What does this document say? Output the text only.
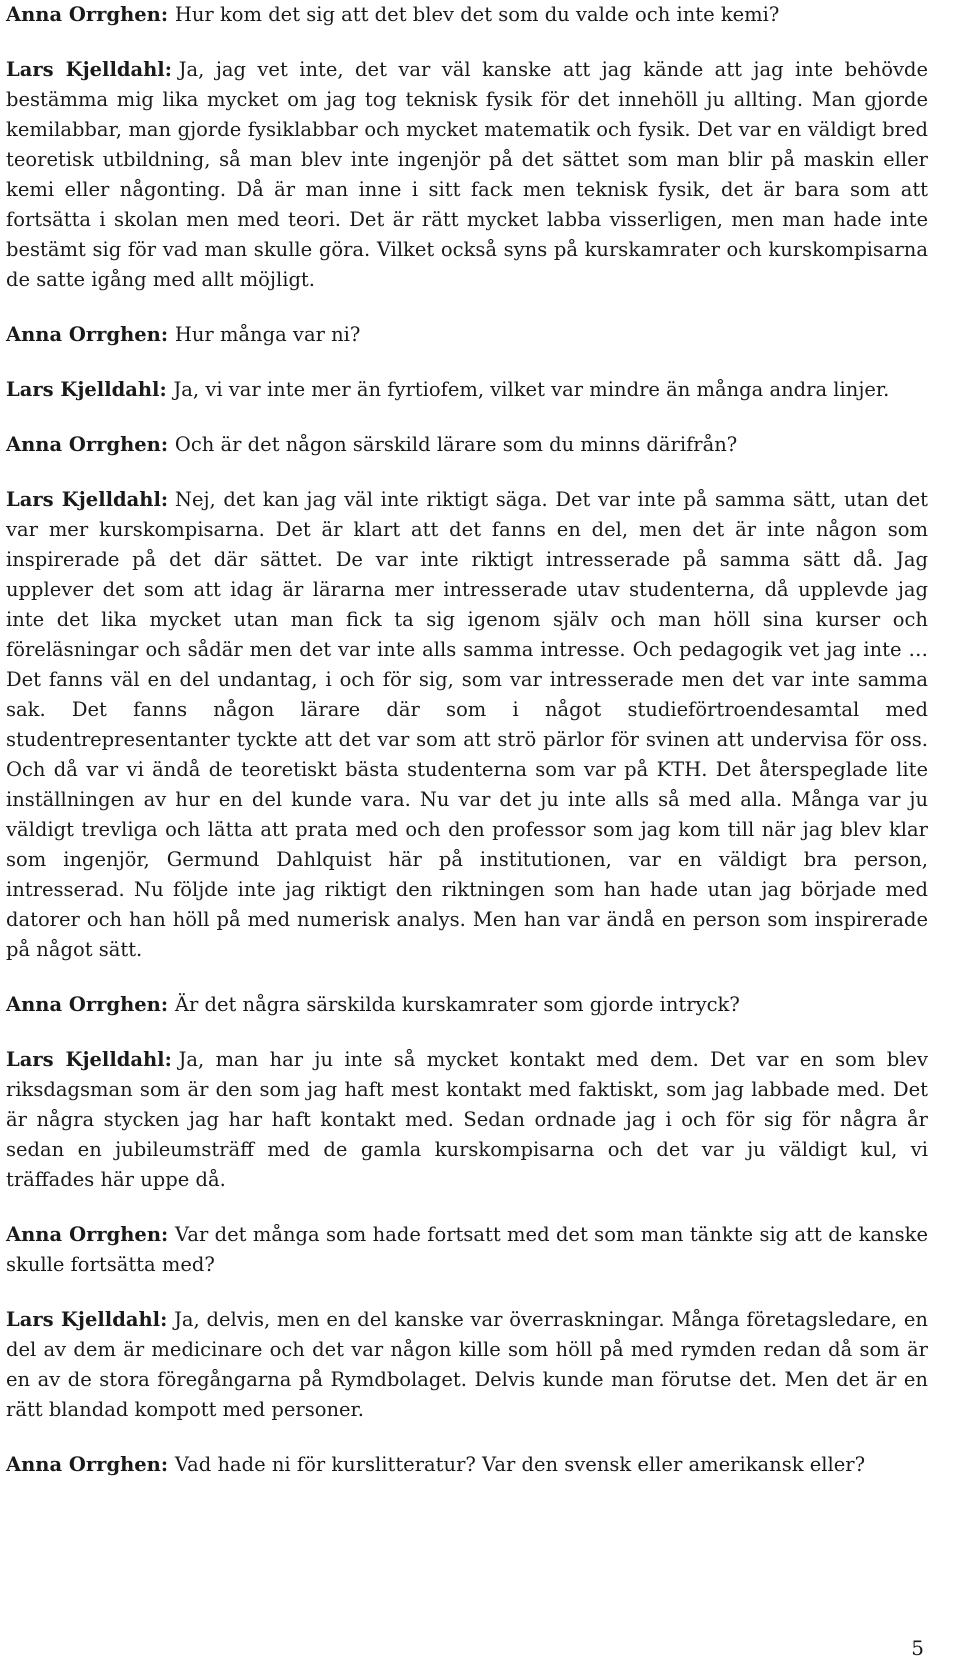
Anna Orrghen: Hur kom det sig att det blev det som du valde och inte kemi?

Lars Kjelldahl: Ja, jag vet inte, det var väl kanske att jag kände att jag inte behövde bestämma mig lika mycket om jag tog teknisk fysik för det innehöll ju allting. Man gjorde kemilabbar, man gjorde fysiklabbar och mycket matematik och fysik. Det var en väldigt bred teoretisk utbildning, så man blev inte ingenjör på det sättet som man blir på maskin eller kemi eller någonting. Då är man inne i sitt fack men teknisk fysik, det är bara som att fortsätta i skolan men med teori. Det är rätt mycket labba visserligen, men man hade inte bestämt sig för vad man skulle göra. Vilket också syns på kurskamrater och kurskompisarna de satte igång med allt möjligt.

Anna Orrghen: Hur många var ni?

Lars Kjelldahl: Ja, vi var inte mer än fyrtiofem, vilket var mindre än många andra linjer.

Anna Orrghen: Och är det någon särskild lärare som du minns därifrån?

Lars Kjelldahl: Nej, det kan jag väl inte riktigt säga. Det var inte på samma sätt, utan det var mer kurskompisarna. Det är klart att det fanns en del, men det är inte någon som inspirerade på det där sättet. De var inte riktigt intresserade på samma sätt då. Jag upplever det som att idag är lärarna mer intresserade utav studenterna, då upplevde jag inte det lika mycket utan man fick ta sig igenom själv och man höll sina kurser och föreläsningar och sådär men det var inte alls samma intresse. Och pedagogik vet jag inte … Det fanns väl en del undantag, i och för sig, som var intresserade men det var inte samma sak. Det fanns någon lärare där som i något studieförtroendesamtal med studentrepresentanter tyckte att det var som att strö pärlor för svinen att undervisa för oss. Och då var vi ändå de teoretiskt bästa studenterna som var på KTH. Det återspeglade lite inställningen av hur en del kunde vara. Nu var det ju inte alls så med alla. Många var ju väldigt trevliga och lätta att prata med och den professor som jag kom till när jag blev klar som ingenjör, Germund Dahlquist här på institutionen, var en väldigt bra person, intresserad. Nu följde inte jag riktigt den riktningen som han hade utan jag började med datorer och han höll på med numerisk analys. Men han var ändå en person som inspirerade på något sätt.

Anna Orrghen: Är det några särskilda kurskamrater som gjorde intryck?

Lars Kjelldahl: Ja, man har ju inte så mycket kontakt med dem. Det var en som blev riksdagsman som är den som jag haft mest kontakt med faktiskt, som jag labbade med. Det är några stycken jag har haft kontakt med. Sedan ordnade jag i och för sig för några år sedan en jubileumsträff med de gamla kurskompisarna och det var ju väldigt kul, vi träffades här uppe då.

Anna Orrghen: Var det många som hade fortsatt med det som man tänkte sig att de kanske skulle fortsätta med?

Lars Kjelldahl: Ja, delvis, men en del kanske var överraskningar. Många företagsledare, en del av dem är medicinare och det var någon kille som höll på med rymden redan då som är en av de stora föregångarna på Rymdbolaget. Delvis kunde man förutse det. Men det är en rätt blandad kompott med personer.

Anna Orrghen: Vad hade ni för kurslitteratur? Var den svensk eller amerikansk eller?

5
